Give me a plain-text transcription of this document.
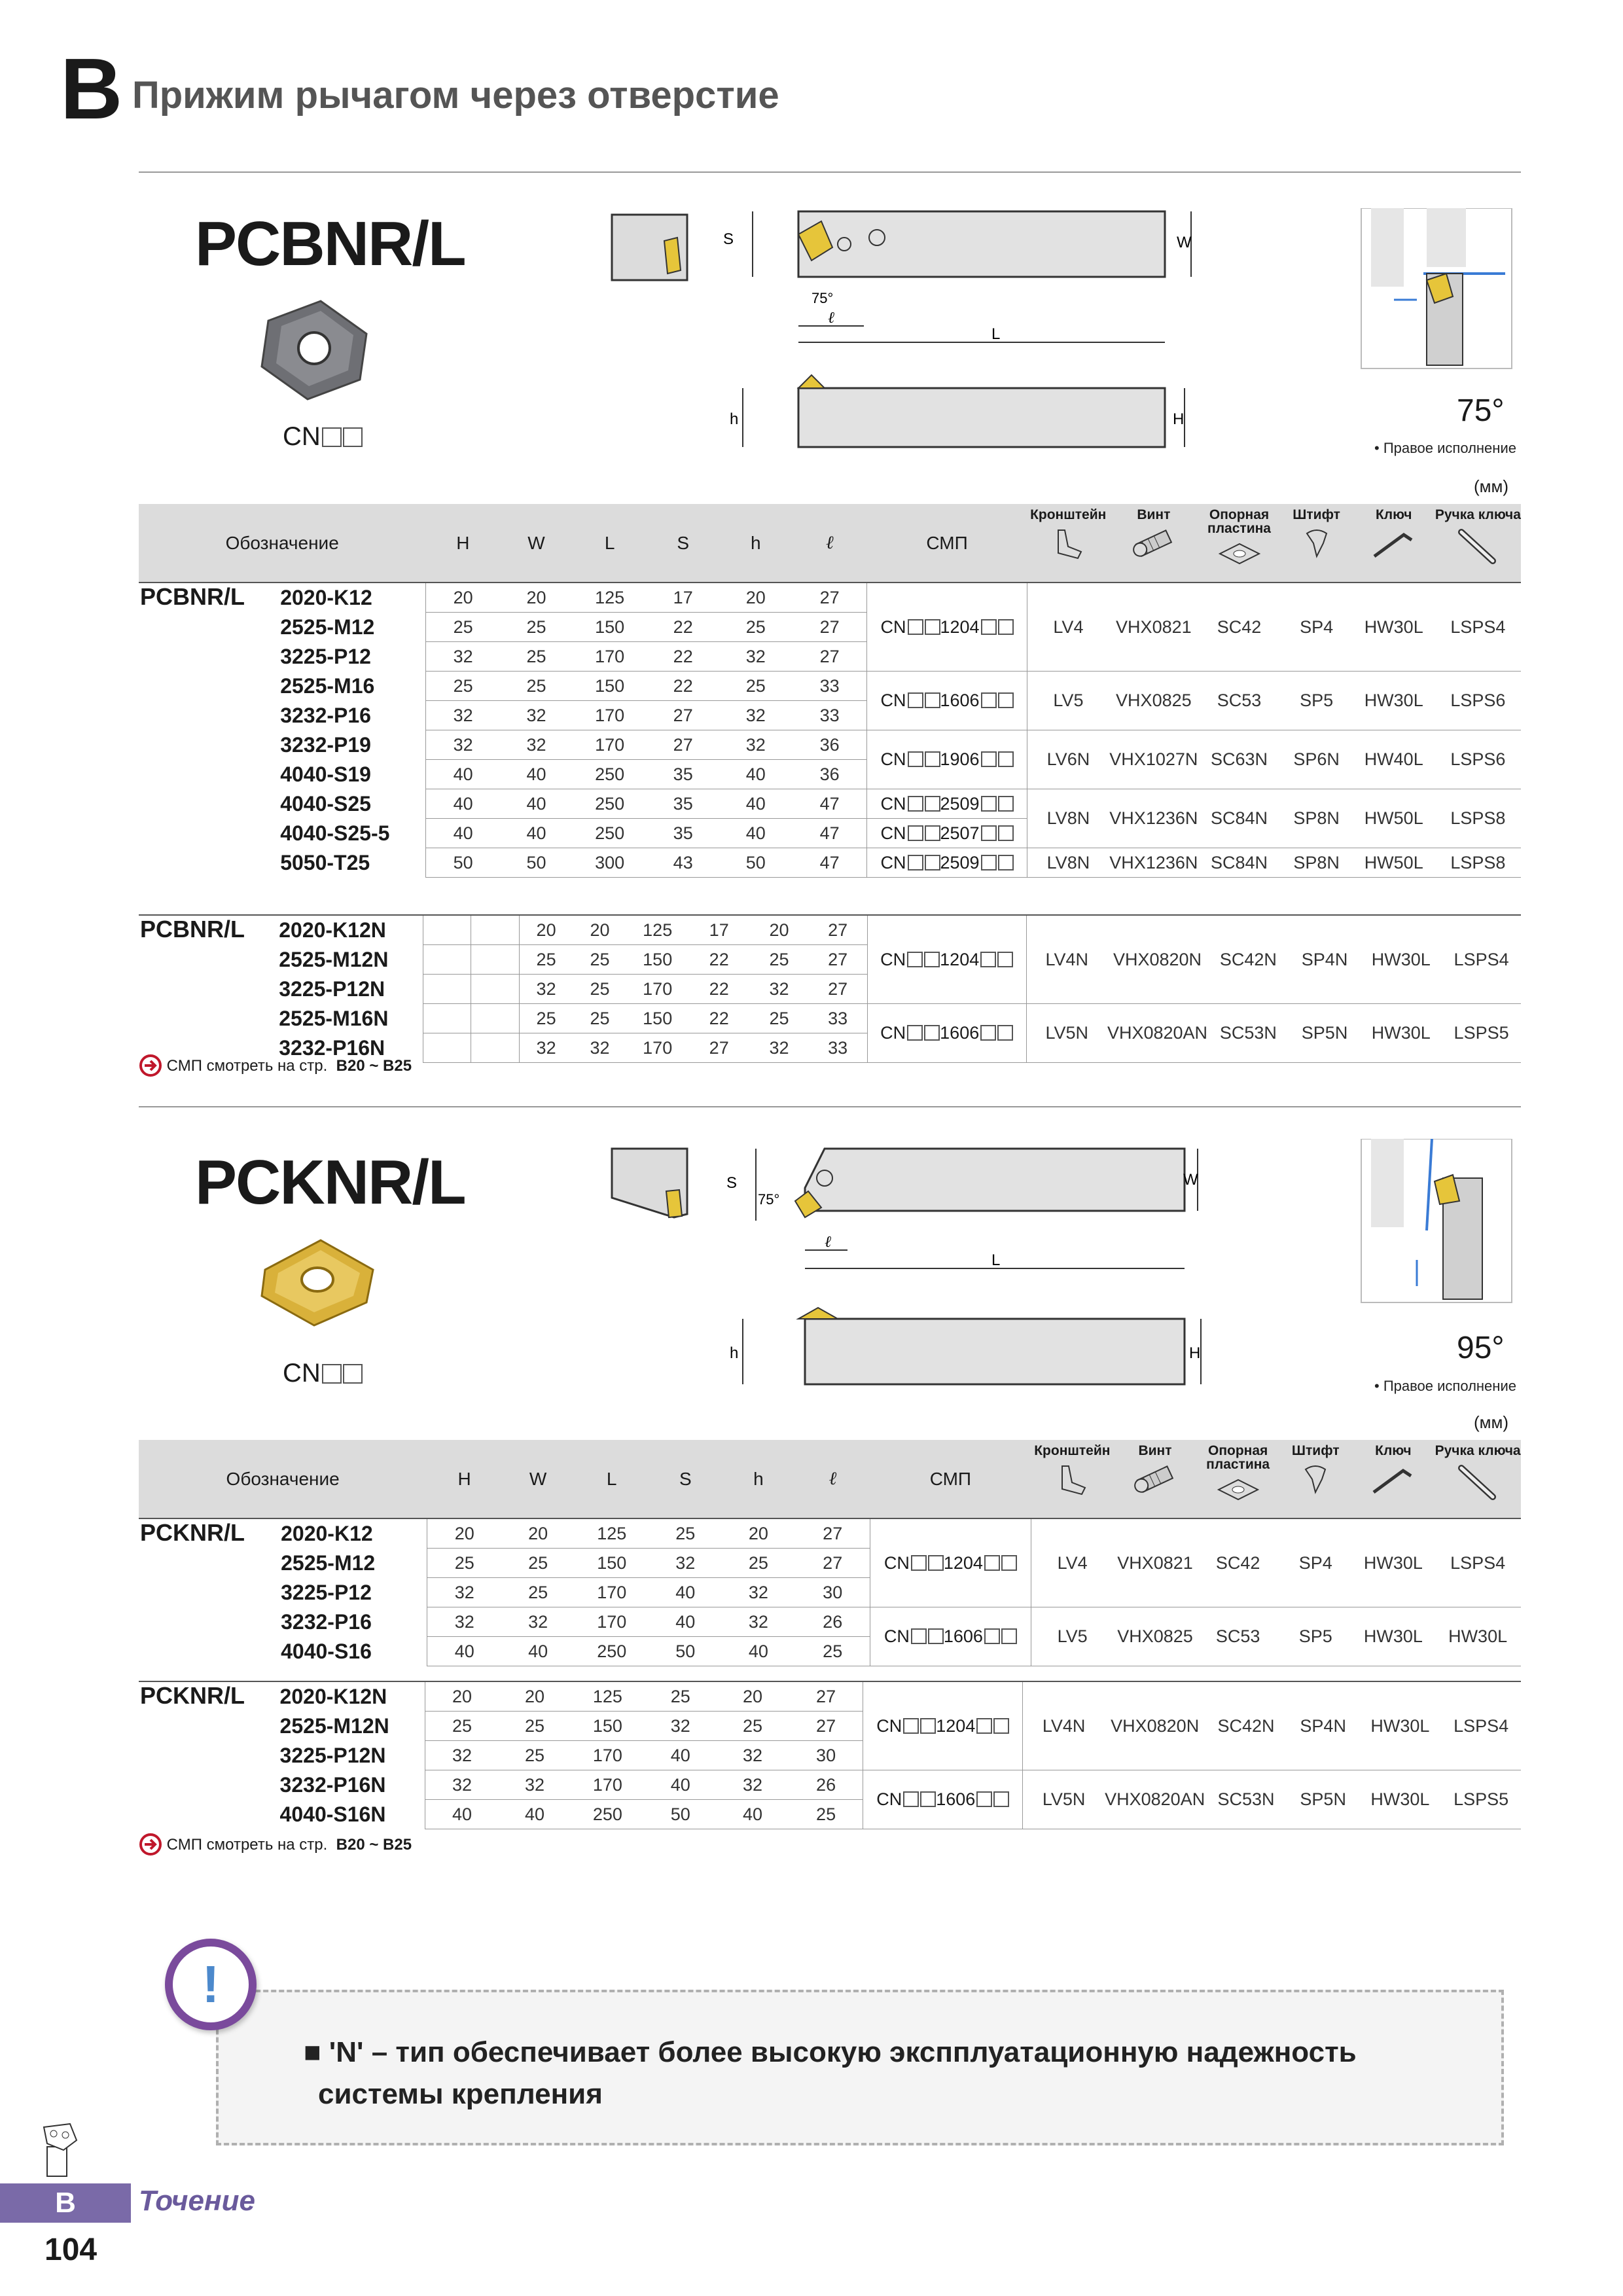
B Прижим рычагом через отверстие
PCBNR/L
CN
S	W
75°
ℓ
L
h	H	75°
• Правое исполнение
(мм)
Обозначение		H	W	L	S	h	ℓ	СМП	Кронштейн	Винт	Опорная
пластина	Штифт	Ключ	Ручка ключа

PCBNR/L	2020-K12	20	20	125	17	20	27	CN 1204	LV4	VHX0821	SC42	SP4	HW30L	LSPS4
	2525-M12	25	25	150	22	25	27							
	3225-P12	32	25	170	22	32	27							
	2525-M16	25	25	150	22	25	33	CN 1606	LV5	VHX0825	SC53	SP5	HW30L	LSPS6
	3232-P16	32	32	170	27	32	33							
	3232-P19	32	32	170	27	32	36	CN 1906	LV6N	VHX1027N	SC63N	SP6N	HW40L	LSPS6
	4040-S19	40	40	250	35	40	36							
	4040-S25	40	40	250	35	40	47	CN 2509	LV8N	VHX1236N	SC84N	SP8N	HW50L	LSPS8
	4040-S25-5	40	40	250	35	40	47	CN 2507						
	5050-T25	50	50	300	43	50	47	CN 2509	LV8N	VHX1236N	SC84N	SP8N	HW50L	LSPS8
СМП смотреть на стр. B20 ~ B25
PCKNR/L
CN
S
75°
W
ℓ
L
h	H	95°
• Правое исполнение
(мм)
Обозначение		H	W	L	S	h	ℓ	СМП	Кронштейн	Винт	Опорная
пластина	Штифт	Ключ	Ручка ключа

PCKNR/L	2020-K12	20	20	125	25	20	27	CN 1204	LV4	VHX0821	SC42	SP4	HW30L	LSPS4
	2525-M12	25	25	150	32	25	27							
	3225-P12	32	25	170	40	32	30							
	3232-P16	32	32	170	40	32	26	CN 1606	LV5	VHX0825	SC53	SP5	HW30L	HW30L
	4040-S16	40	40	250	50	40	25							
СМП смотреть на стр. B20 ~ B25
■ 'N' – тип обеспечивает более высокую экспплуатационную надежность
системы крепления
!
B	Точение
104
PCBNR/L	2020-K12N			20	20	125	17	20	27	CN 1204	LV4N	VHX0820N	SC42N	SP4N	HW30L	LSPS4
	2525-M12N			25	25	150	22	25	27							
	3225-P12N			32	25	170	22	32	27							
	2525-M16N			25	25	150	22	25	33	CN 1606	LV5N	VHX0820AN	SC53N	SP5N	HW30L	LSPS5
	3232-P16N			32	32	170	27	32	33							
PCKNR/L	2020-K12N	20	20	125	25	20	27	CN 1204	LV4N	VHX0820N	SC42N	SP4N	HW30L	LSPS4
	2525-M12N	25	25	150	32	25	27							
	3225-P12N	32	25	170	40	32	30							
	3232-P16N	32	32	170	40	32	26	CN 1606	LV5N	VHX0820AN	SC53N	SP5N	HW30L	LSPS5
	4040-S16N	40	40	250	50	40	25							
